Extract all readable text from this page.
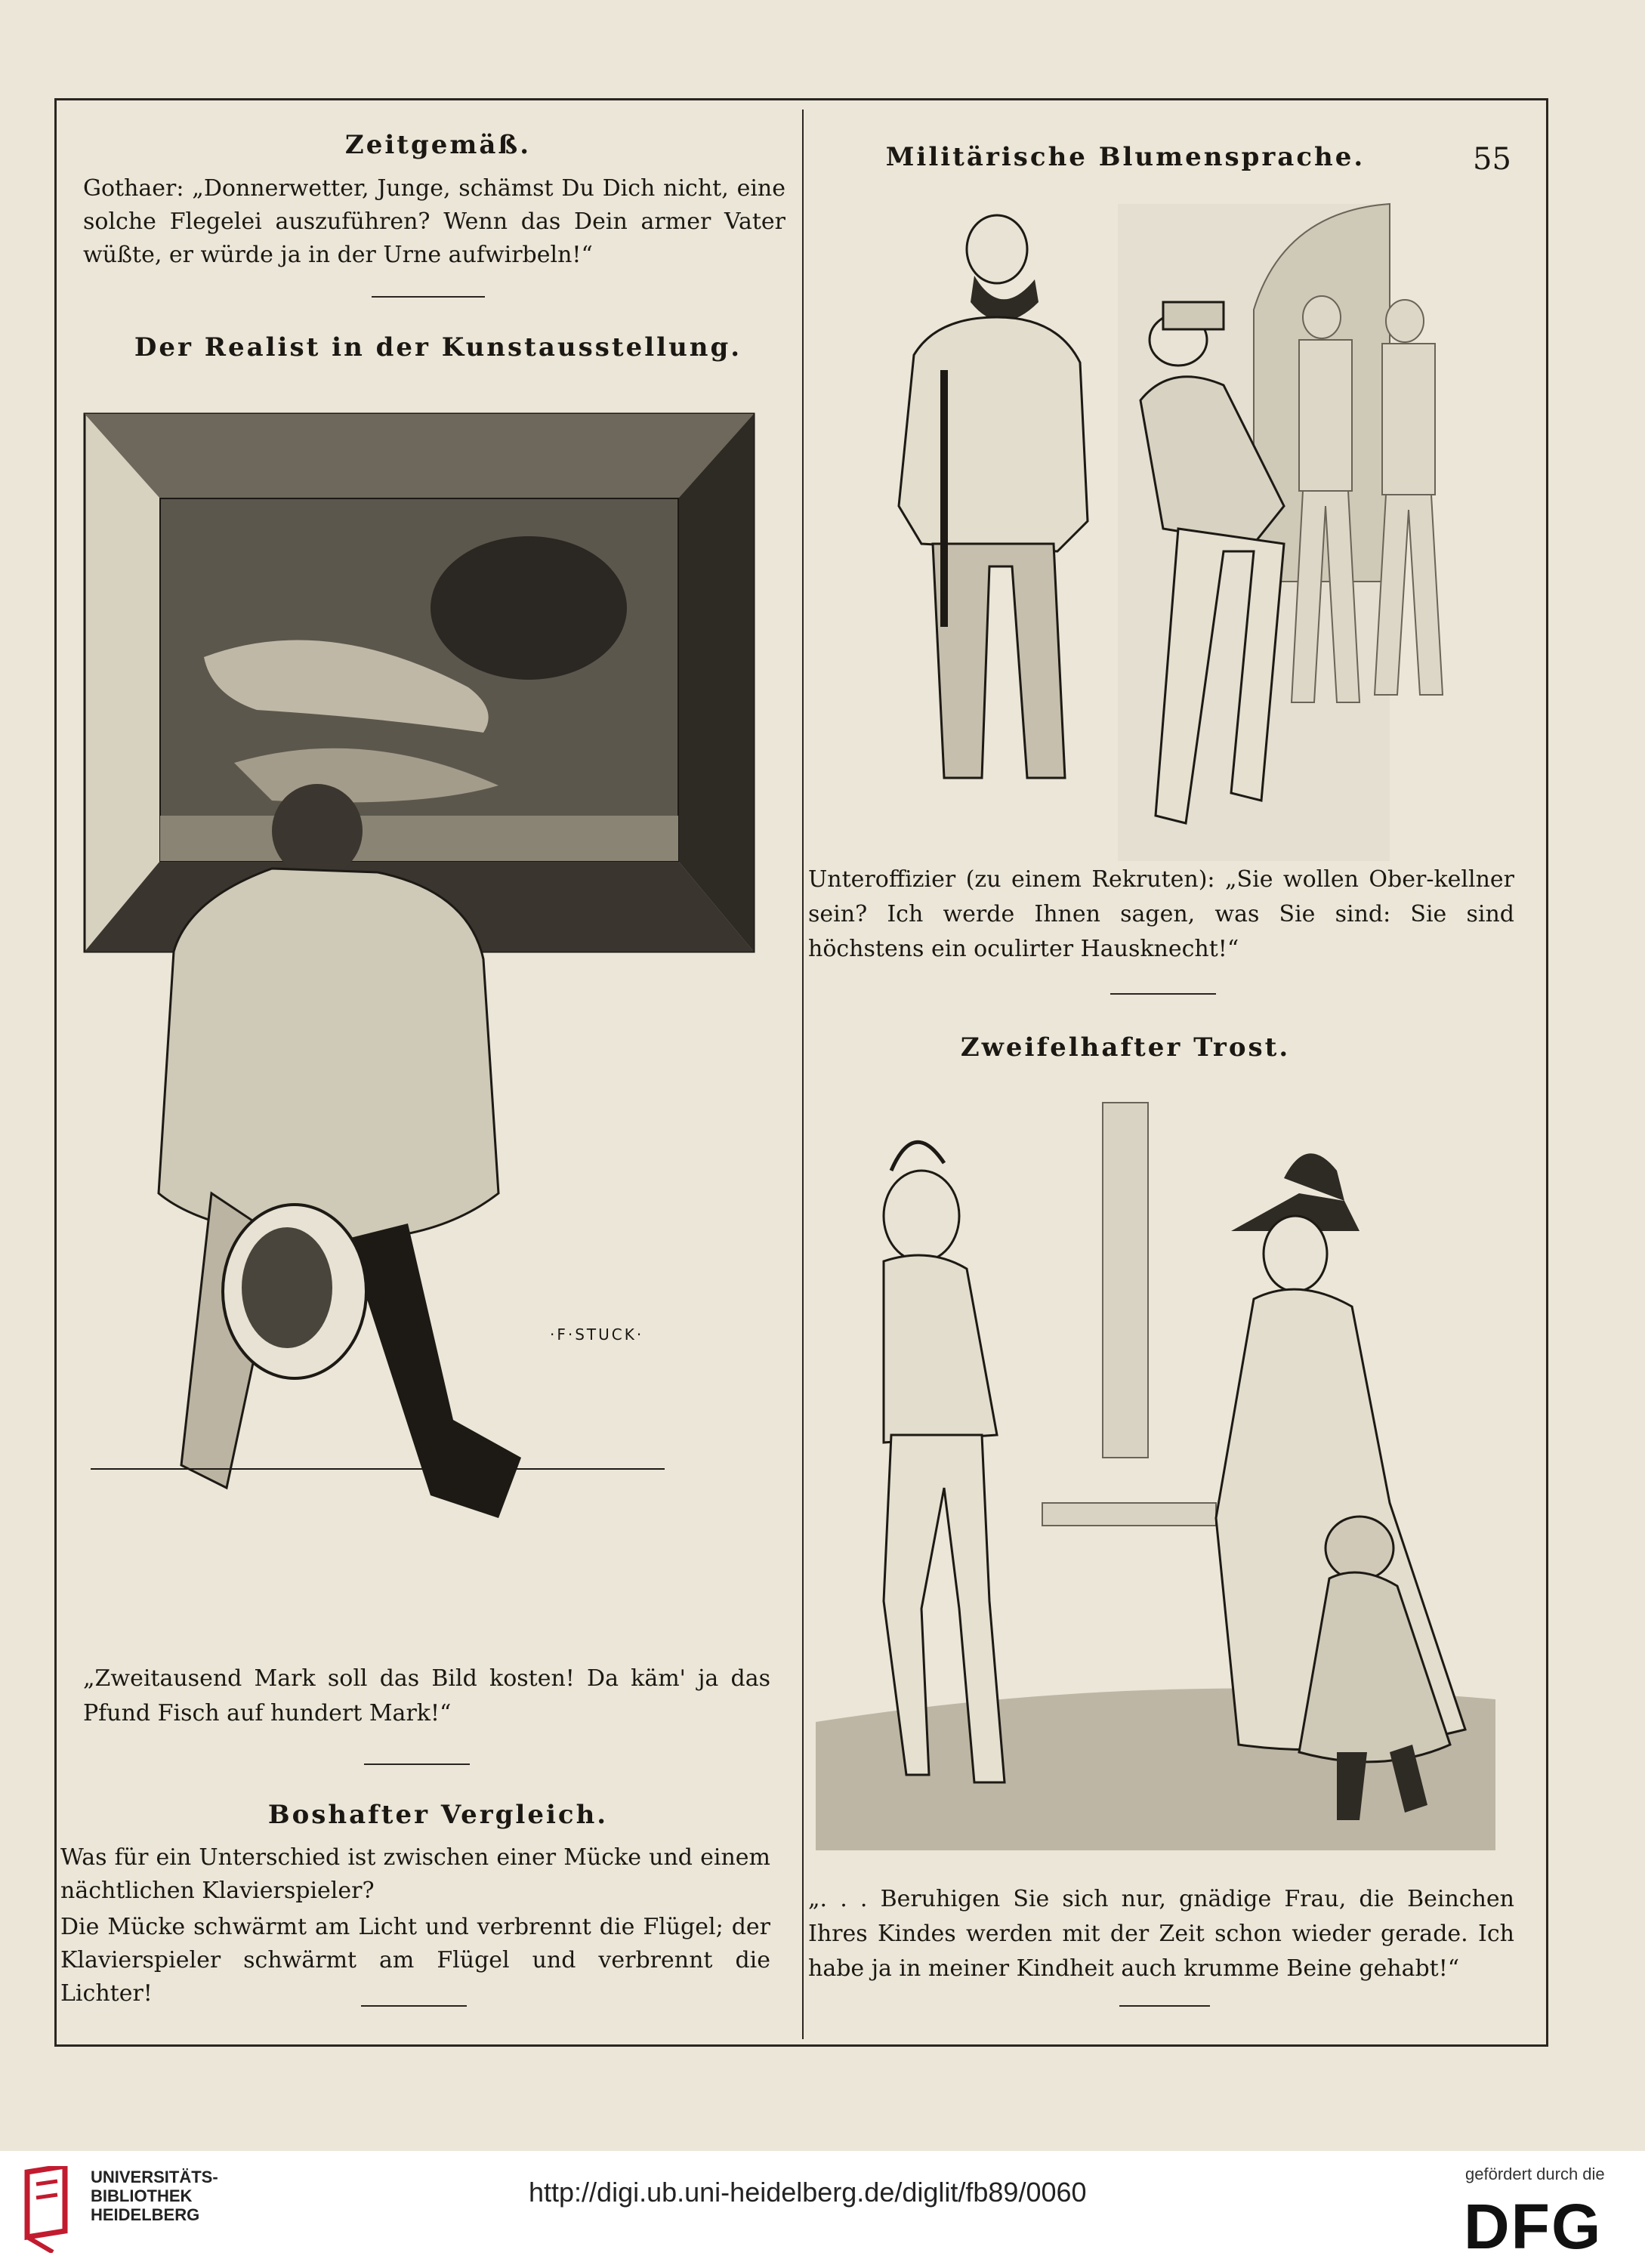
55
Zeitgemäß.
Gothaer: „Donnerwetter, Junge, schämst Du Dich nicht, eine solche Flegelei auszuführen? Wenn das Dein armer Vater wüßte, er würde ja in der Urne aufwirbeln!“
Der Realist in der Kunstausstellung.
·F·STUCK·
„Zweitausend Mark soll das Bild kosten! Da käm' ja das Pfund Fisch auf hundert Mark!“
Boshafter Vergleich.
Was für ein Unterschied ist zwischen einer Mücke und einem nächtlichen Klavierspieler?
Die Mücke schwärmt am Licht und verbrennt die Flügel; der Klavierspieler schwärmt am Flügel und verbrennt die Lichter!
Militärische Blumensprache.
Unteroffizier (zu einem Rekruten): „Sie wollen Ober-kellner sein? Ich werde Ihnen sagen, was Sie sind: Sie sind höchstens ein oculirter Hausknecht!“
Zweifelhafter Trost.
„. . . Beruhigen Sie sich nur, gnädige Frau, die Beinchen Ihres Kindes werden mit der Zeit schon wieder gerade. Ich habe ja in meiner Kindheit auch krumme Beine gehabt!“
UNIVERSITÄTS-
BIBLIOTHEK
HEIDELBERG
http://digi.ub.uni-heidelberg.de/diglit/fb89/0060
gefördert durch die
DFG
